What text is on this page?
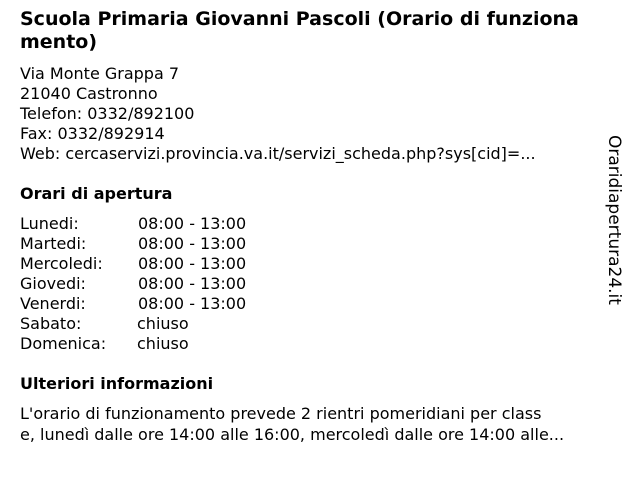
Scuola Primaria Giovanni Pascoli (Orario di funziona
mento)
Via Monte Grappa 7
21040 Castronno
Telefon: 0332/892100
Fax: 0332/892914
Web: cercaservizi.provincia.va.it/servizi_scheda.php?sys[cid]=...
Orari di apertura
Lunedi:	08:00 - 13:00
Martedi:	08:00 - 13:00
Mercoledi: 08:00 - 13:00
Giovedi:	08:00 - 13:00
Venerdi:	08:00 - 13:00
Sabato:	chiuso
Domenica: chiuso
Ulteriori informazioni
L'orario di funzionamento prevede 2 rientri pomeridiani per class
e, lunedì dalle ore 14:00 alle 16:00, mercoledì dalle ore 14:00 alle...
Oraridiapertura24.it
